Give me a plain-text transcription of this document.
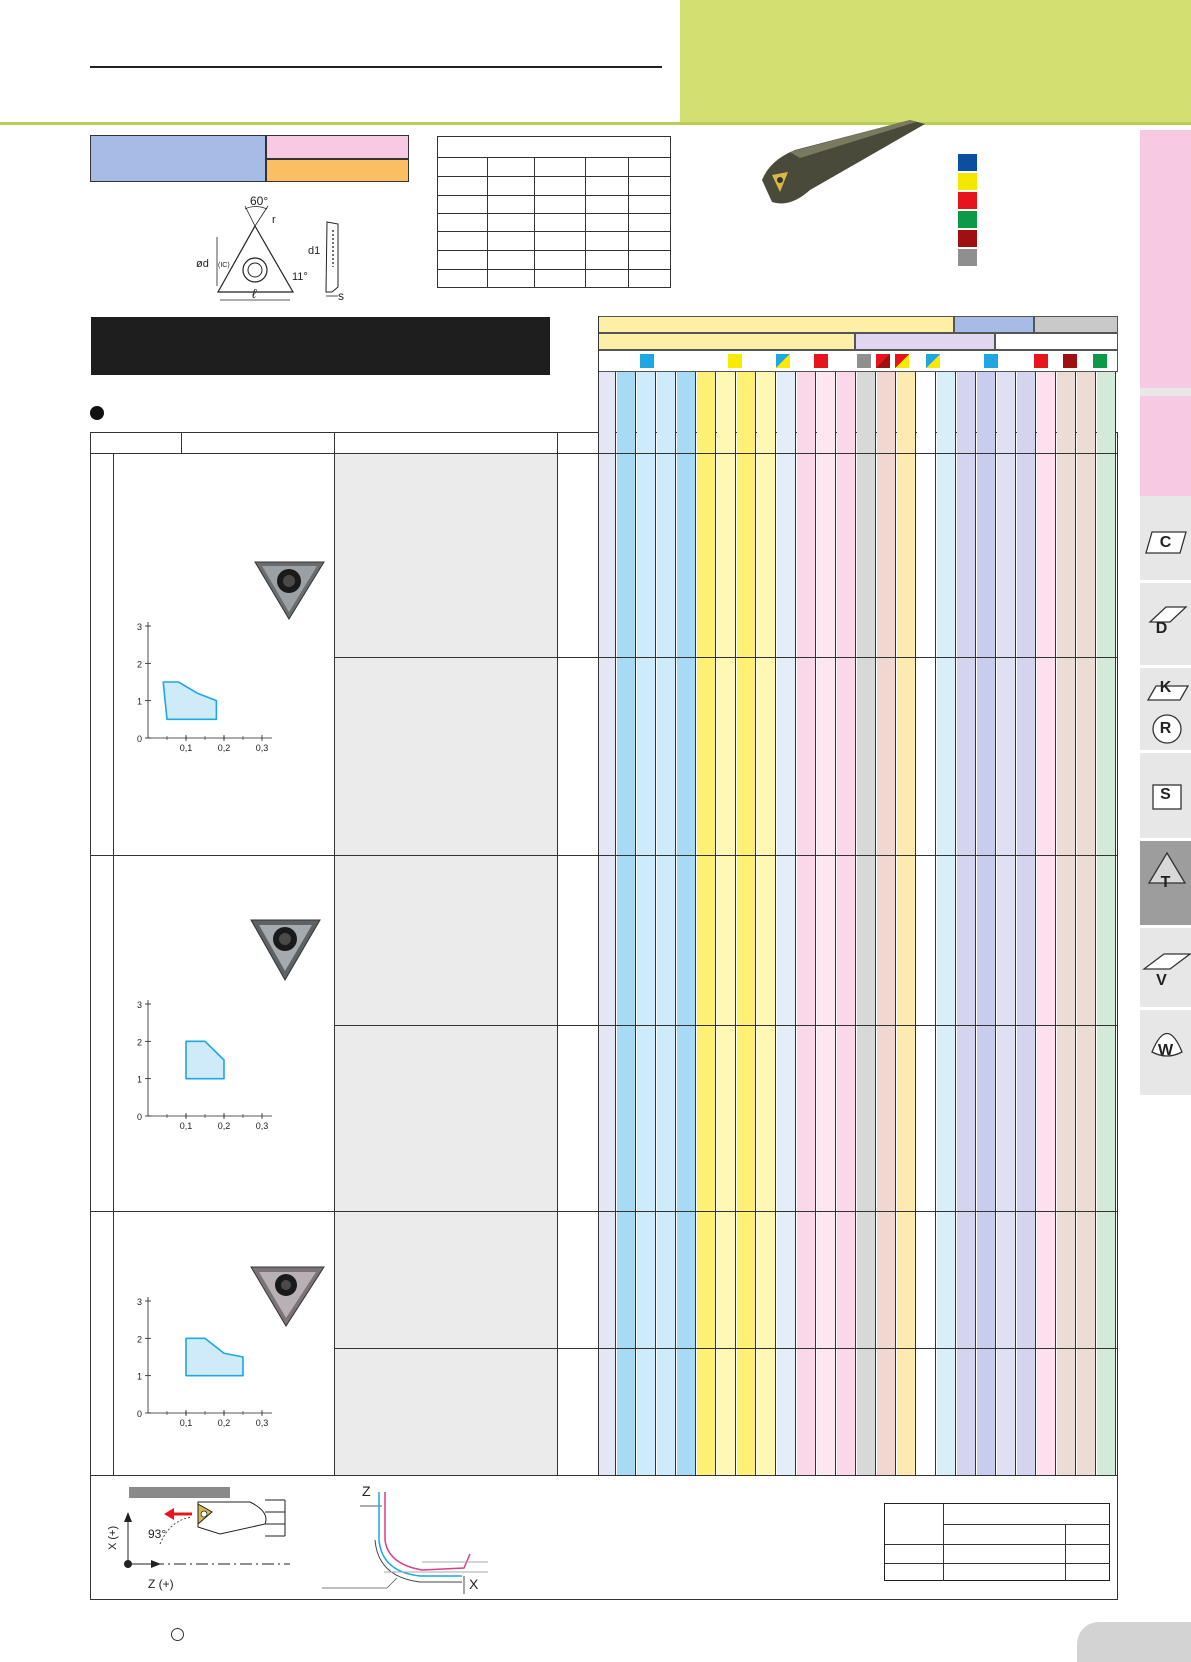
C
D
K
R
S
T
V
W
60°
r
ød (IC)
ℓ
d1
11°
s
0
1
2
3
0,1	0,2	0,3
0
1
2
3
0,1	0,2	0,3
0
1
2
3
0,1	0,2	0,3
93°
X (+)
Z (+)
Z
X
